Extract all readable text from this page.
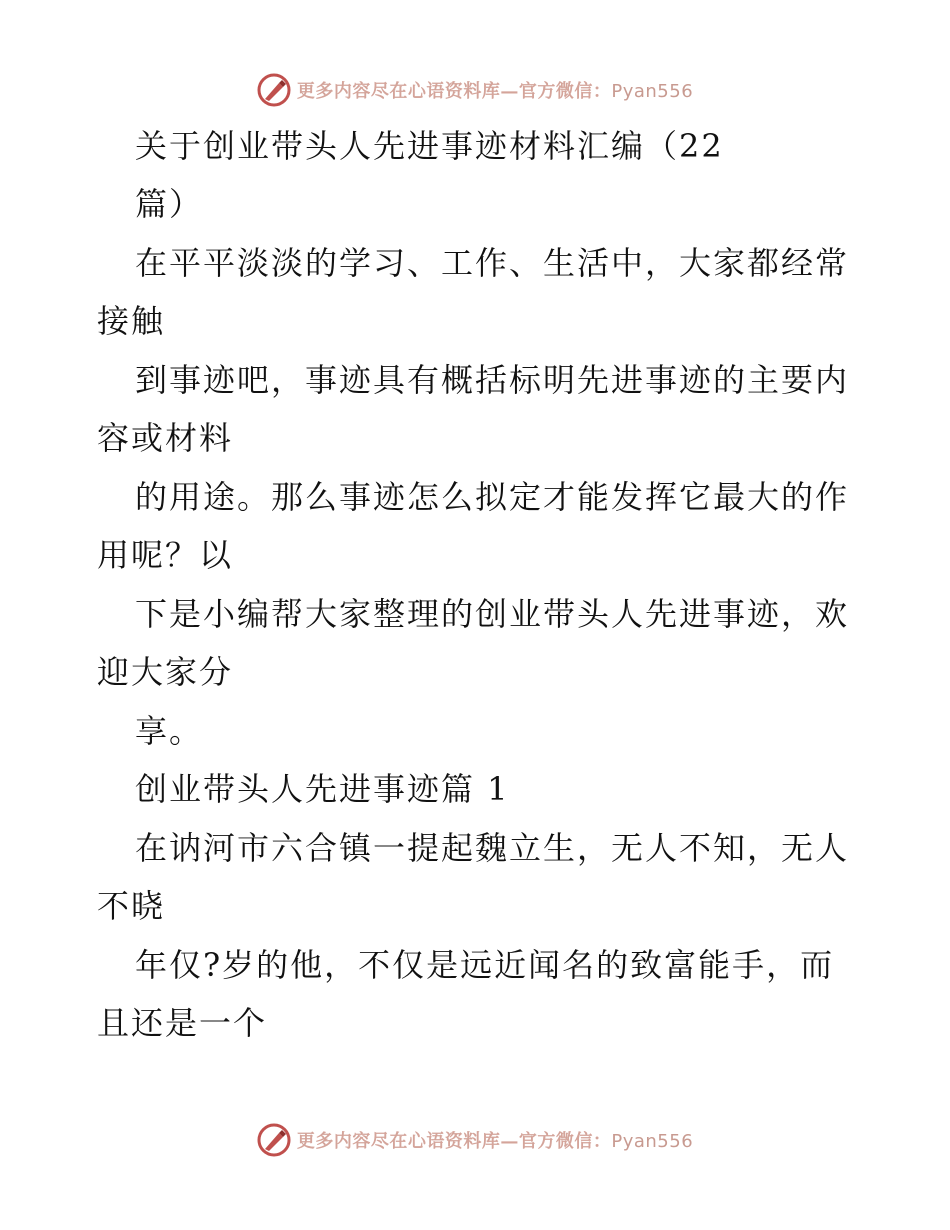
更多内容尽在心语资料库—官方微信：Pyan556
关于创业带头人先进事迹材料汇编（22
篇）
在平平淡淡的学习、工作、生活中，大家都经常
接触
到事迹吧，事迹具有概括标明先进事迹的主要内
容或材料
的用途。那么事迹怎么拟定才能发挥它最大的作
用呢？以
下是小编帮大家整理的创业带头人先进事迹，欢
迎大家分
享。
创业带头人先进事迹篇 1
在讷河市六合镇一提起魏立生，无人不知，无人
不晓
年仅?岁的他，不仅是远近闻名的致富能手，而
且还是一个
更多内容尽在心语资料库—官方微信：Pyan556
